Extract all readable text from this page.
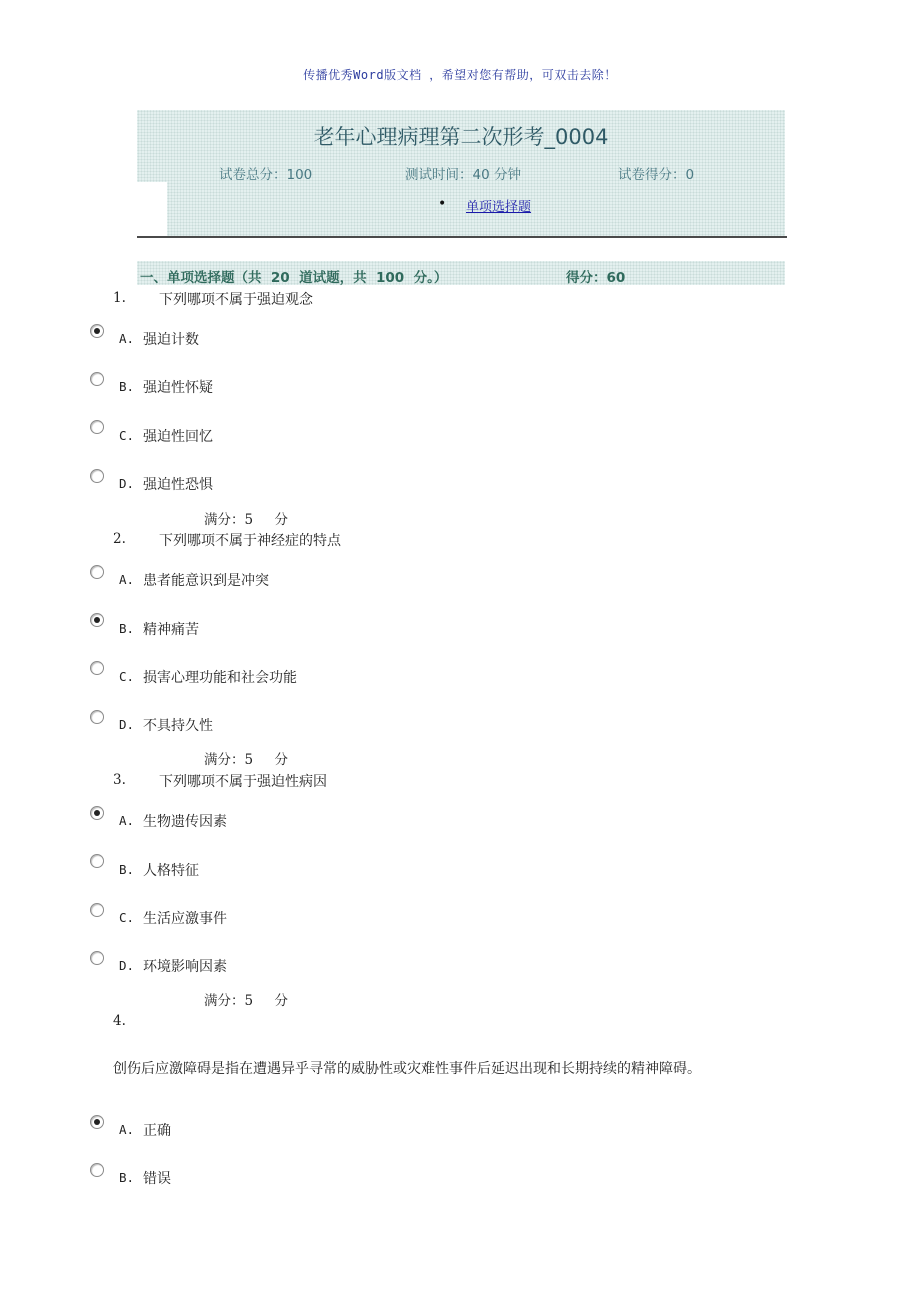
传播优秀Word版文档 ，希望对您有帮助，可双击去除！
老年心理病理第二次形考_0004
试卷总分：100	测试时间：40 分钟	试卷得分：0
• 单项选择题
一、单项选择题（共  20  道试题，共  100  分。）	得分：60
1. 下列哪项不属于强迫观念
A. 强迫计数
B. 强迫性怀疑
C. 强迫性回忆
D. 强迫性恐惧
满分：5     分
2. 下列哪项不属于神经症的特点
A. 患者能意识到是冲突
B. 精神痛苦
C. 损害心理功能和社会功能
D. 不具持久性
满分：5     分
3. 下列哪项不属于强迫性病因
A. 生物遗传因素
B. 人格特征
C. 生活应激事件
D. 环境影响因素
满分：5     分
4.
创伤后应激障碍是指在遭遇异乎寻常的威胁性或灾难性事件后延迟出现和长期持续的精神障碍。
A. 正确
B. 错误
